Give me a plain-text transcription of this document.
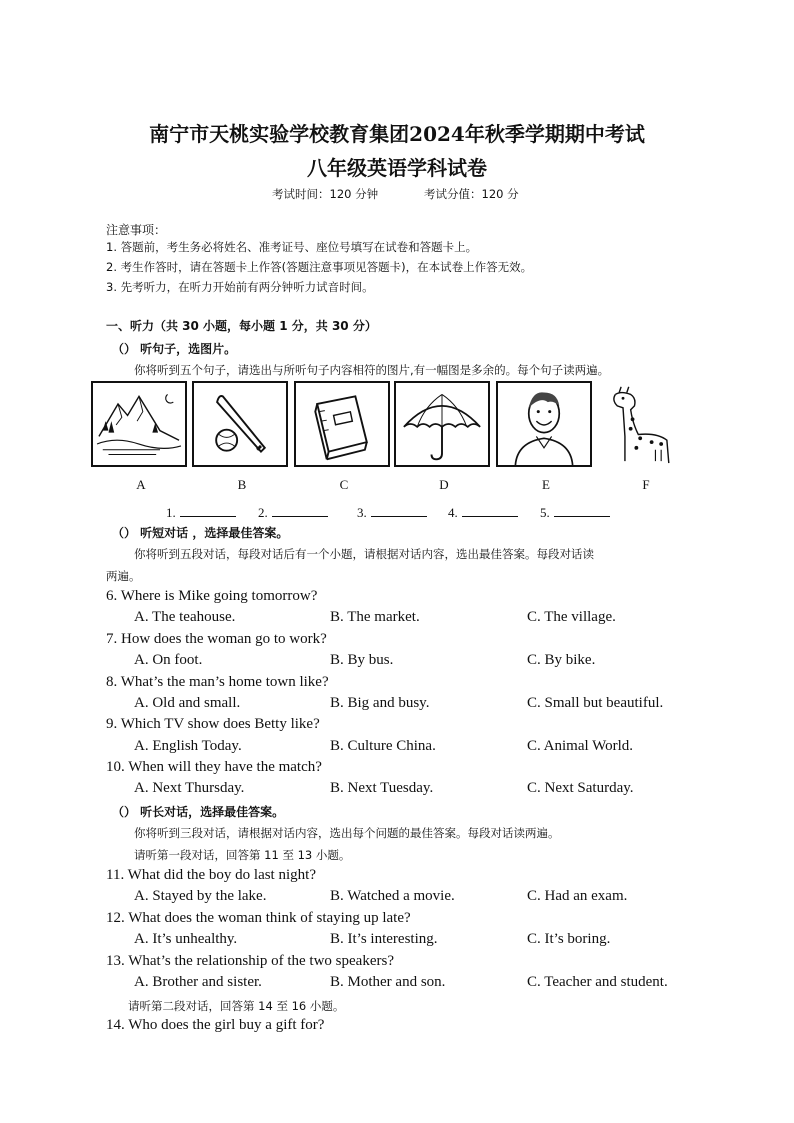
南宁市天桃实验学校教育集团2024年秋季学期期中考试
八年级英语学科试卷
考试时间：120 分钟	考试分值：120 分
注意事项：
1. 答题前，考生务必将姓名、准考证号、座位号填写在试卷和答题卡上。
2. 考生作答时，请在答题卡上作答(答题注意事项见答题卡)，在本试卷上作答无效。
3. 先考听力，在听力开始前有两分钟听力试音时间。
一、听力（共 30 小题，每小题 1 分，共 30 分）
（） 听句子，选图片。
你将听到五个句子，请选出与所听句子内容相符的图片,有一幅图是多余的。每个句子读两遍。
A	B	C	D	E	F
1.	2.	3.	4.	5.
（） 听短对话 ，选择最佳答案。
你将听到五段对话，每段对话后有一个小题，请根据对话内容，选出最佳答案。每段对话读
两遍。
6. Where is Mike going tomorrow?
A. The teahouse.	B. The market.	C. The village.
7. How does the woman go to work?
A. On foot.	B. By bus.	C. By bike.
8. What’s the man’s home town like?
A. Old and small.	B. Big and busy.	C. Small but beautiful.
9. Which TV show does Betty like?
A. English Today.	B. Culture China.	C. Animal World.
10. When will they have the match?
A. Next Thursday.	B. Next Tuesday.	C. Next Saturday.
（） 听长对话，选择最佳答案。
你将听到三段对话，请根据对话内容，选出每个问题的最佳答案。每段对话读两遍。
请听第一段对话，回答第 11 至 13 小题。
11. What did the boy do last night?
A. Stayed by the lake.	B. Watched a movie.	C. Had an exam.
12. What does the woman think of staying up late?
A. It’s unhealthy.	B. It’s interesting.	C. It’s boring.
13. What’s the relationship of the two speakers?
A. Brother and sister.	B. Mother and son.	C. Teacher and student.
请听第二段对话，回答第 14 至 16 小题。
14. Who does the girl buy a gift for?
